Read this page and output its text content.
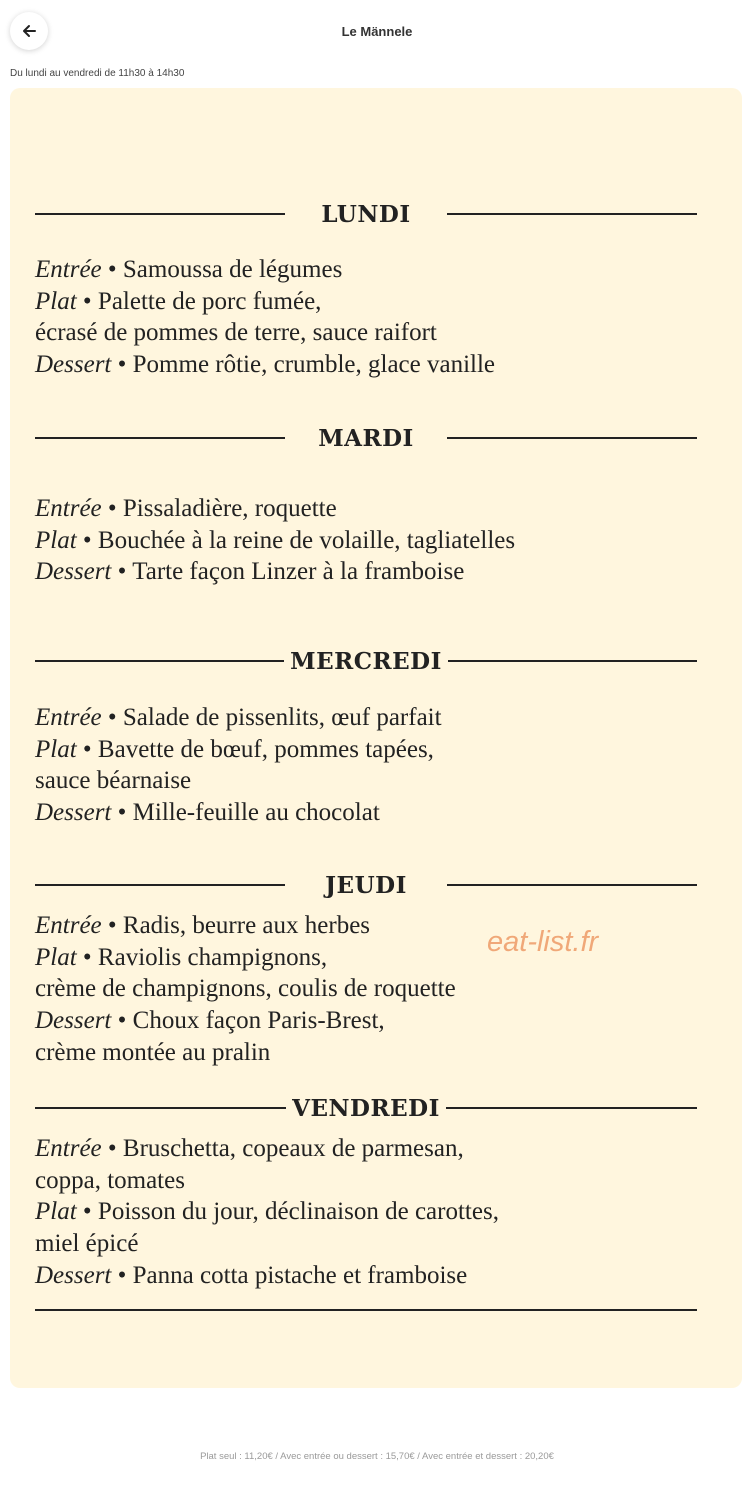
Le Männele
Du lundi au vendredi de 11h30 à 14h30
LUNDI
Entrée • Samoussa de légumes
Plat • Palette de porc fumée,
écrasé de pommes de terre, sauce raifort
Dessert • Pomme rôtie, crumble, glace vanille
MARDI
Entrée • Pissaladière, roquette
Plat • Bouchée à la reine de volaille, tagliatelles
Dessert • Tarte façon Linzer à la framboise
MERCREDI
Entrée • Salade de pissenlits, œuf parfait
Plat • Bavette de bœuf, pommes tapées,
sauce béarnaise
Dessert • Mille-feuille au chocolat
JEUDI
Entrée • Radis, beurre aux herbes
Plat • Raviolis champignons,
crème de champignons, coulis de roquette
Dessert • Choux façon Paris-Brest,
crème montée au pralin
VENDREDI
Entrée • Bruschetta, copeaux de parmesan,
coppa, tomates
Plat • Poisson du jour, déclinaison de carottes,
miel épicé
Dessert • Panna cotta pistache et framboise
eat-list.fr
Plat seul : 11,20€ / Avec entrée ou dessert : 15,70€ / Avec entrée et dessert : 20,20€
